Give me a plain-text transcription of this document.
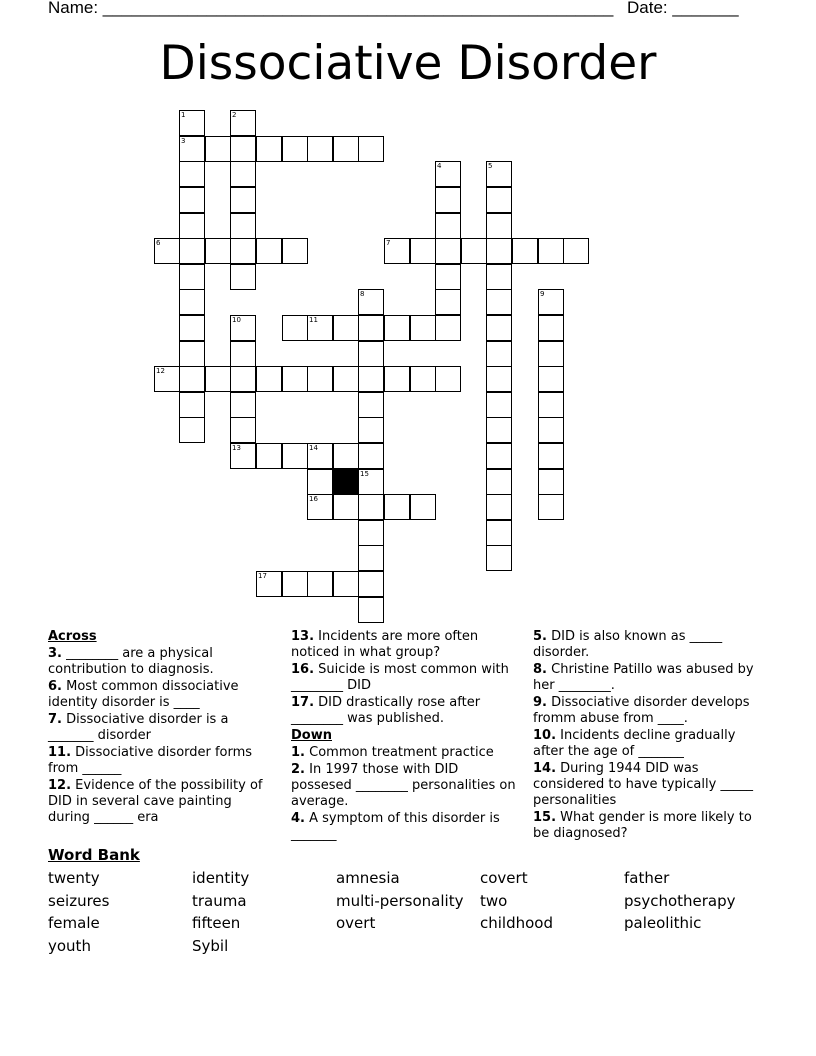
Name: ______________________________________________________ Date: _______
Dissociative Disorder
1	2
3
4	5
6	7
8	9
10	11
12
13	14
15
16
17
Across
3. ________ are a physical contribution to diagnosis.
6. Most common dissociative identity disorder is ____
7. Dissociative disorder is a _______ disorder
11. Dissociative disorder forms from ______
12. Evidence of the possibility of DID in several cave painting during ______ era
13. Incidents are more often noticed in what group?
16. Suicide is most common with ________ DID
17. DID drastically rose after ________ was published.
Down
1. Common treatment practice
2. In 1997 those with DID possesed ________ personalities on average.
4. A symptom of this disorder is _______
5. DID is also known as _____ disorder.
8. Christine Patillo was abused by her ________.
9. Dissociative disorder develops fromm abuse from ____.
10. Incidents decline gradually after the age of _______
14. During 1944 DID was considered to have typically _____ personalities
15. What gender is more likely to be diagnosed?
Word Bank
twenty
seizures
female
youth
identity
trauma
fifteen
Sybil
amnesia
multi-personality
overt
covert
two
childhood
father
psychotherapy
paleolithic
